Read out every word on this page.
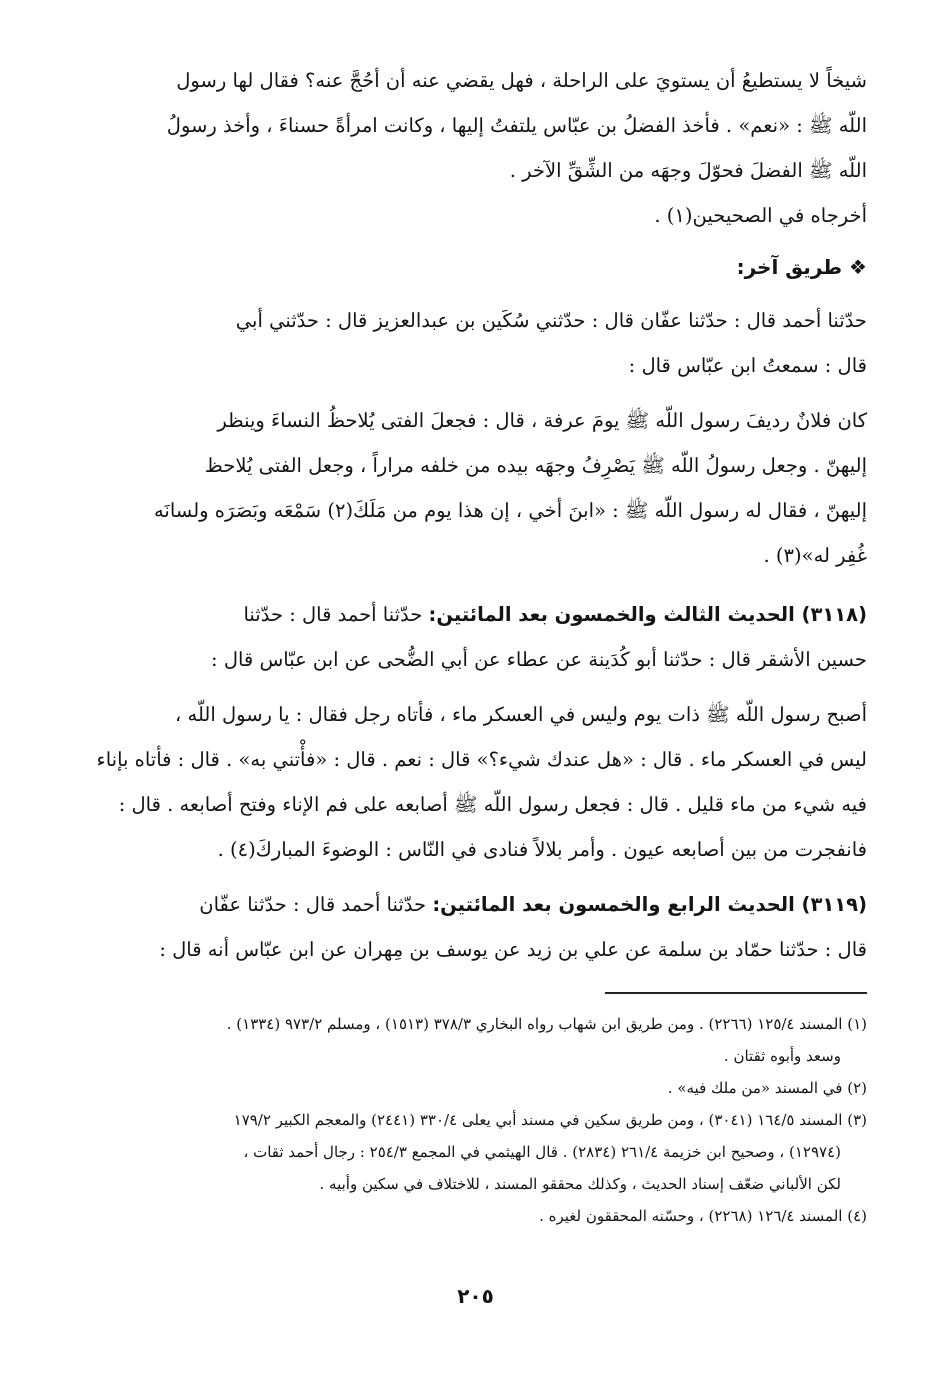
شيخاً لا يستطيعُ أن يستويَ على الراحلة ، فهل يقضي عنه أن أحُجَّ عنه؟ فقال لها رسول

اللّه ﷺ : «نعم» . فأخذ الفضلُ بن عبّاس يلتفتُ إليها ، وكانت امرأةً حسناءَ ، وأخذ رسولُ

اللّه ﷺ الفضلَ فحوّلَ وجهَه من الشِّقِّ الآخر .

أخرجاه في الصحيحين(١) .

❖ طريق آخر:

حدّثنا أحمد قال : حدّثنا عفّان قال : حدّثني سُكَين بن عبدالعزيز قال : حدّثني أبي

قال : سمعتُ ابن عبّاس قال :

كان فلانٌ رديفَ رسول اللّه ﷺ يومَ عرفة ، قال : فجعلَ الفتى يُلاحظُ النساءَ وينظر

إليهنّ . وجعل رسولُ اللّه ﷺ يَصْرِفُ وجهَه بيده من خلفه مراراً ، وجعل الفتى يُلاحظ

إليهنّ ، فقال له رسول اللّه ﷺ : «ابنَ أخي ، إن هذا يوم من مَلَكَ(٢) سَمْعَه وبَصَرَه ولسانَه

غُفِر له»(٣) .

(٣١١٨) الحديث الثالث والخمسون بعد المائتين: حدّثنا أحمد قال : حدّثنا

حسين الأشقر قال : حدّثنا أبو كُدَينة عن عطاء عن أبي الضُّحى عن ابن عبّاس قال :

أصبح رسول اللّه ﷺ ذات يوم وليس في العسكر ماء ، فأتاه رجل فقال : يا رسول اللّه ،

ليس في العسكر ماء . قال : «هل عندك شيء؟» قال : نعم . قال : «فأْتني به» . قال : فأتاه بإناء

فيه شيء من ماء قليل . قال : فجعل رسول اللّه ﷺ أصابعه على فم الإناء وفتح أصابعه . قال :

فانفجرت من بين أصابعه عيون . وأمر بلالاً فنادى في النّاس : الوضوءَ المباركَ(٤) .

(٣١١٩) الحديث الرابع والخمسون بعد المائتين: حدّثنا أحمد قال : حدّثنا عفّان

قال : حدّثنا حمّاد بن سلمة عن علي بن زيد عن يوسف بن مِهران عن ابن عبّاس أنه قال :

(١) المسند ١٢٥/٤ (٢٢٦٦) . ومن طريق ابن شهاب رواه البخاري ٣٧٨/٣ (١٥١٣) ، ومسلم ٩٧٣/٢ (١٣٣٤) .

وسعد وأبوه ثقتان .

(٢) في المسند «من ملك فيه» .

(٣) المسند ١٦٤/٥ (٣٠٤١) ، ومن طريق سكين في مسند أبي يعلى ٣٣٠/٤ (٢٤٤١) والمعجم الكبير ١٧٩/٢

(١٢٩٧٤) ، وصحيح ابن خزيمة ٢٦١/٤ (٢٨٣٤) . قال الهيثمي في المجمع ٢٥٤/٣ : رجال أحمد ثقات ،

لكن الألباني ضعّف إسناد الحديث ، وكذلك محققو المسند ، للاختلاف في سكين وأبيه .

(٤) المسند ١٢٦/٤ (٢٢٦٨) ، وحسّنه المحققون لغيره .

٢٠٥
